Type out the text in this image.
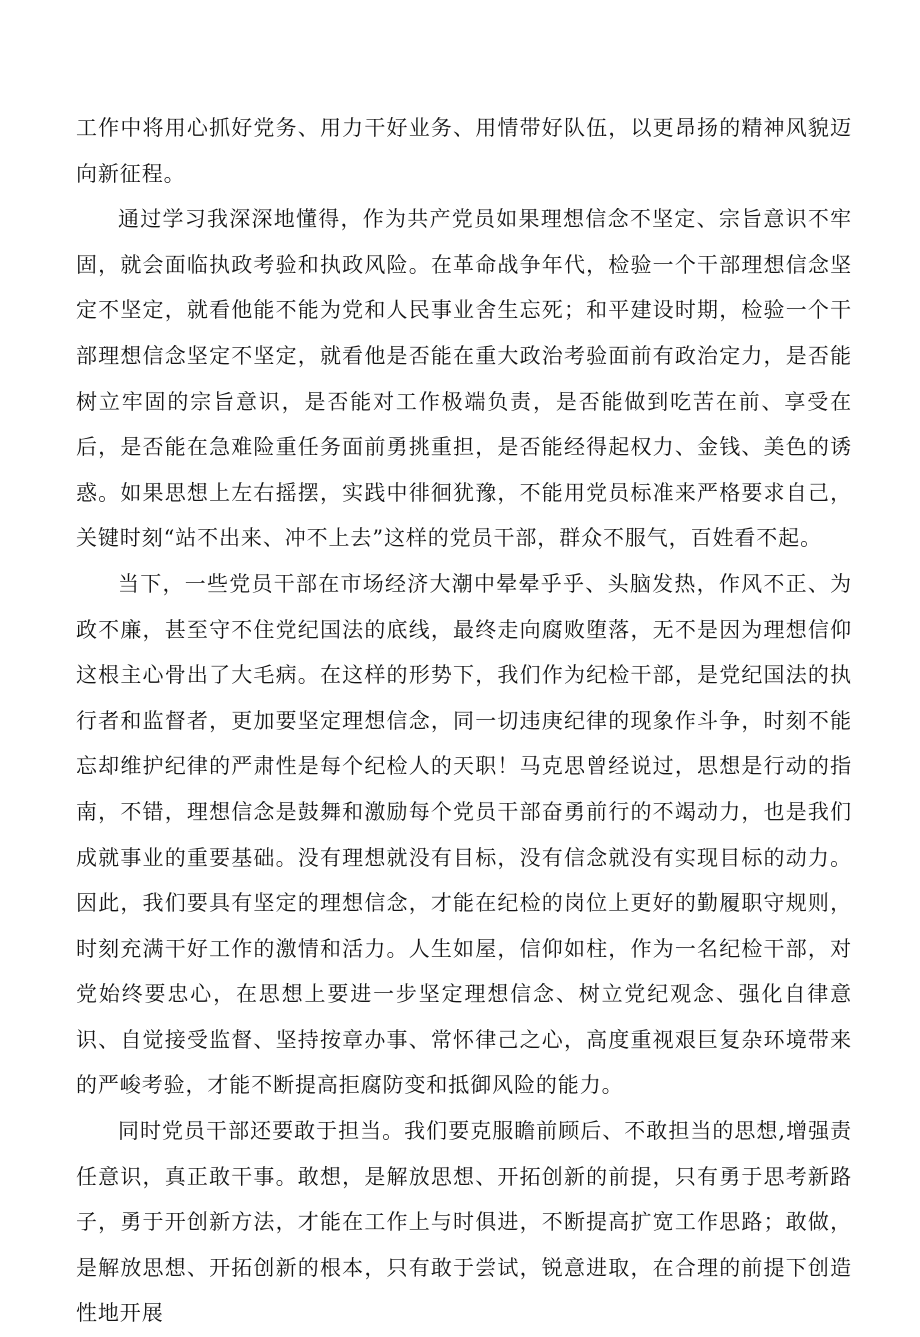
工作中将用心抓好党务、用力干好业务、用情带好队伍，以更昂扬的精神风貌迈向新征程。

通过学习我深深地懂得，作为共产党员如果理想信念不坚定、宗旨意识不牢固，就会面临执政考验和执政风险。在革命战争年代，检验一个干部理想信念坚定不坚定，就看他能不能为党和人民事业舍生忘死；和平建设时期，检验一个干部理想信念坚定不坚定，就看他是否能在重大政治考验面前有政治定力，是否能树立牢固的宗旨意识，是否能对工作极端负责，是否能做到吃苦在前、享受在后，是否能在急难险重任务面前勇挑重担，是否能经得起权力、金钱、美色的诱惑。如果思想上左右摇摆，实践中徘徊犹豫，不能用党员标准来严格要求自己，关键时刻“站不出来、冲不上去”这样的党员干部，群众不服气，百姓看不起。

当下，一些党员干部在市场经济大潮中晕晕乎乎、头脑发热，作风不正、为政不廉，甚至守不住党纪国法的底线，最终走向腐败堕落，无不是因为理想信仰这根主心骨出了大毛病。在这样的形势下，我们作为纪检干部，是党纪国法的执行者和监督者，更加要坚定理想信念，同一切违庚纪律的现象作斗争，时刻不能忘却维护纪律的严肃性是每个纪检人的天职！马克思曾经说过，思想是行动的指南，不错，理想信念是鼓舞和激励每个党员干部奋勇前行的不竭动力，也是我们成就事业的重要基础。没有理想就没有目标，没有信念就没有实现目标的动力。因此，我们要具有坚定的理想信念，才能在纪检的岗位上更好的勤履职守规则，时刻充满干好工作的激情和活力。人生如屋，信仰如柱，作为一名纪检干部，对党始终要忠心，在思想上要进一步坚定理想信念、树立党纪观念、强化自律意识、自觉接受监督、坚持按章办事、常怀律己之心，高度重视艰巨复杂环境带来的严峻考验，才能不断提高拒腐防变和抵御风险的能力。

同时党员干部还要敢于担当。我们要克服瞻前顾后、不敢担当的思想,增强责任意识，真正敢干事。敢想，是解放思想、开拓创新的前提，只有勇于思考新路子，勇于开创新方法，才能在工作上与时俱进，不断提高扩宽工作思路；敢做，是解放思想、开拓创新的根本，只有敢于尝试，锐意进取，在合理的前提下创造性地开展
